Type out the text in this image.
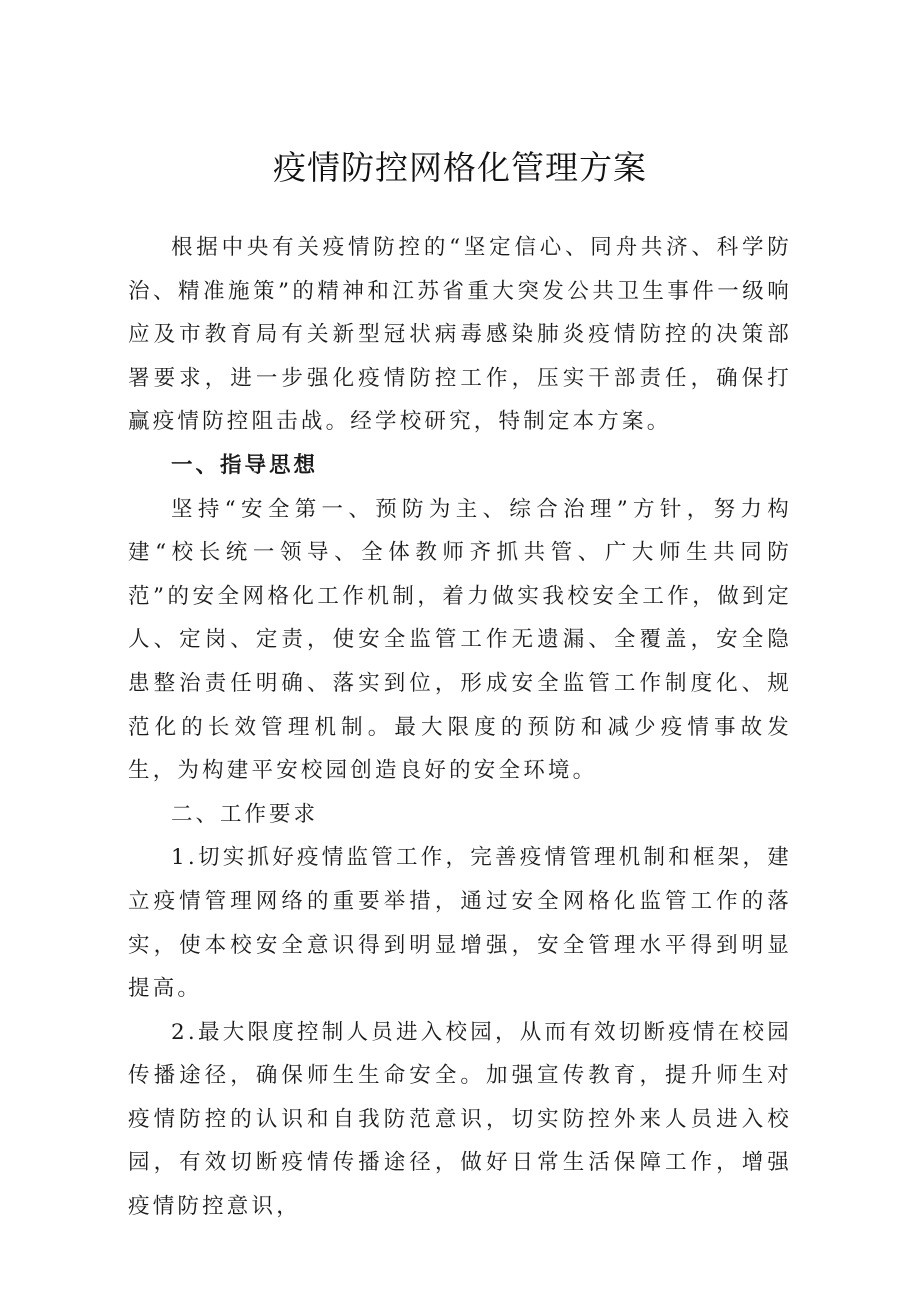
疫情防控网格化管理方案

根据中央有关疫情防控的“坚定信心、同舟共济、科学防治、精准施策”的精神和江苏省重大突发公共卫生事件一级响应及市教育局有关新型冠状病毒感染肺炎疫情防控的决策部署要求，进一步强化疫情防控工作，压实干部责任，确保打赢疫情防控阻击战。经学校研究，特制定本方案。

一、指导思想

坚持“安全第一、预防为主、综合治理”方针，努力构建“校长统一领导、全体教师齐抓共管、广大师生共同防范”的安全网格化工作机制，着力做实我校安全工作，做到定人、定岗、定责，使安全监管工作无遗漏、全覆盖，安全隐患整治责任明确、落实到位，形成安全监管工作制度化、规范化的长效管理机制。最大限度的预防和减少疫情事故发生，为构建平安校园创造良好的安全环境。

二、工作要求

1.切实抓好疫情监管工作，完善疫情管理机制和框架，建立疫情管理网络的重要举措，通过安全网格化监管工作的落实，使本校安全意识得到明显增强，安全管理水平得到明显提高。

2.最大限度控制人员进入校园，从而有效切断疫情在校园传播途径，确保师生生命安全。加强宣传教育，提升师生对疫情防控的认识和自我防范意识，切实防控外来人员进入校园，有效切断疫情传播途径，做好日常生活保障工作，增强疫情防控意识，
